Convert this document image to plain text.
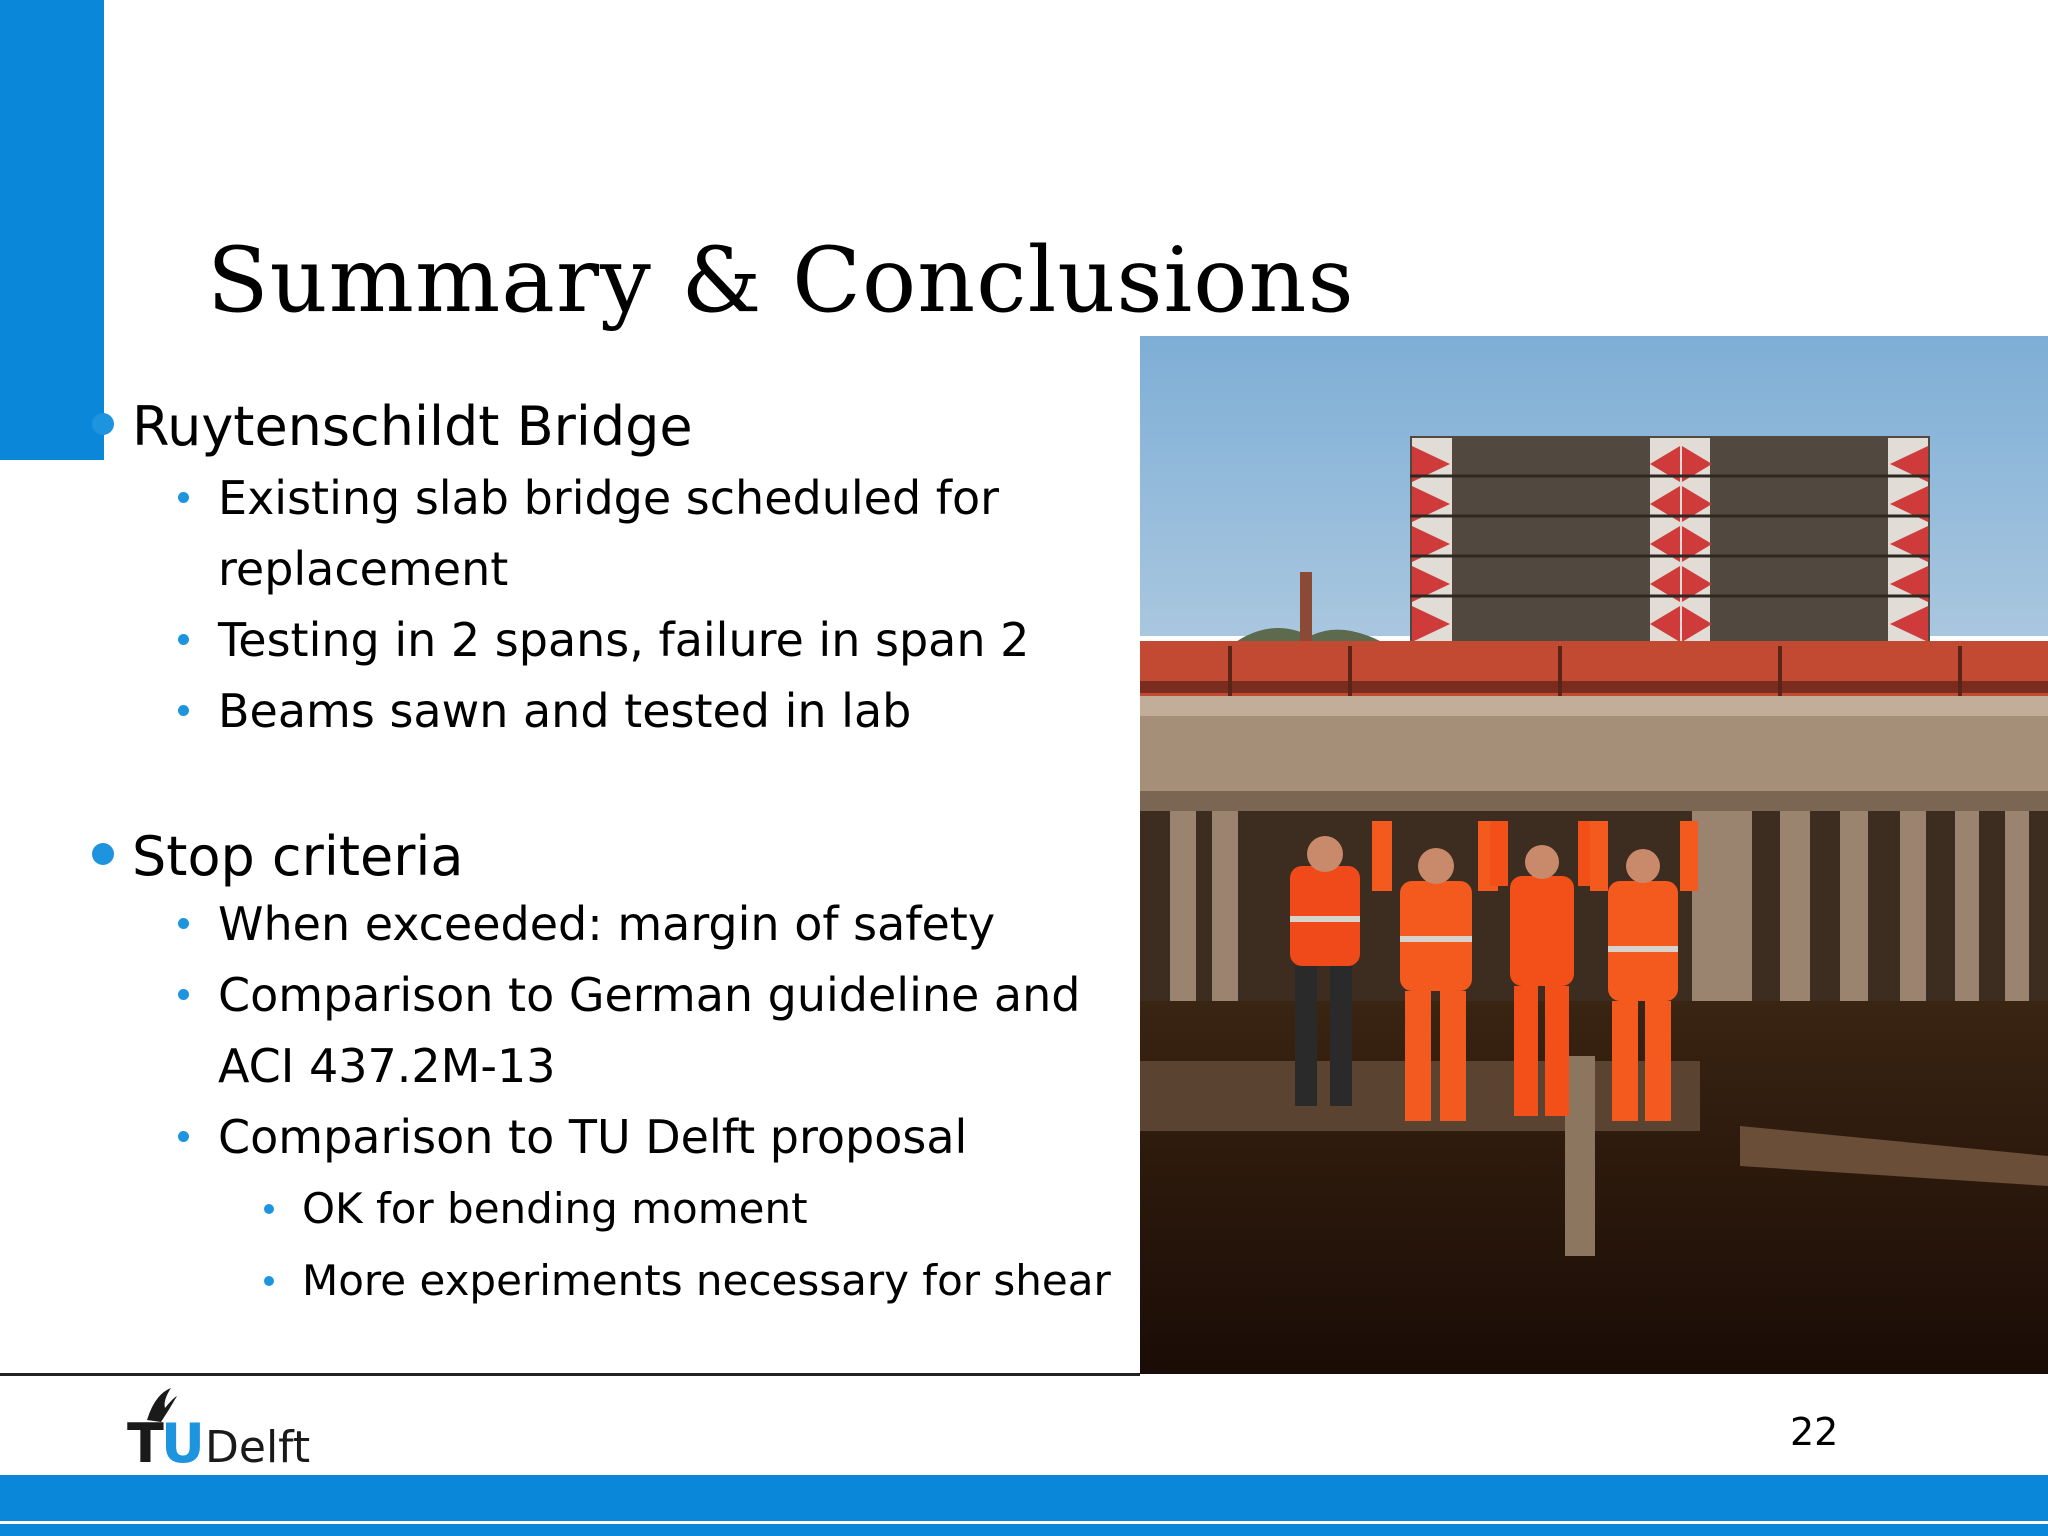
Summary & Conclusions
Ruytenschildt Bridge
Existing slab bridge scheduled for replacement
Testing in 2 spans, failure in span 2
Beams sawn and tested in lab
Stop criteria
When exceeded: margin of safety
Comparison to German guideline and ACI 437.2M-13
Comparison to TU Delft proposal
OK for bending moment
More experiments necessary for shear
T
U Delft	22
